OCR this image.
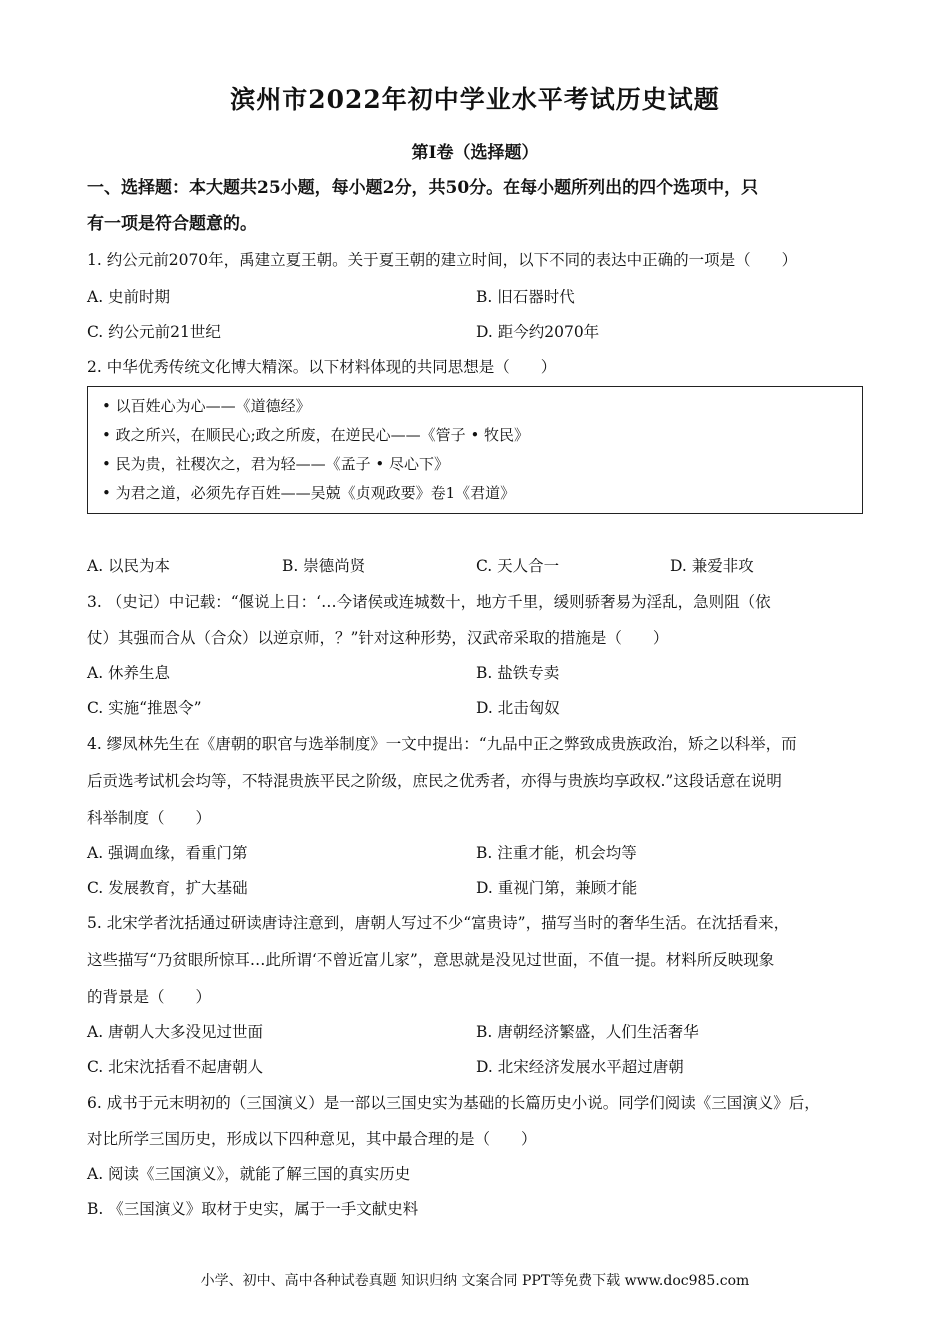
滨州市2022年初中学业水平考试历史试题
第Ⅰ卷（选择题）
一、选择题：本大题共25小题，每小题2分，共50分。在每小题所列出的四个选项中，只
有一项是符合题意的。
1. 约公元前2070年，禹建立夏王朝。关于夏王朝的建立时间，以下不同的表达中正确的一项是（　　）
A. 史前时期	B. 旧石器时代
C. 约公元前21世纪	D. 距今约2070年
2. 中华优秀传统文化博大精深。以下材料体现的共同思想是（　　）
• 以百姓心为心——《道德经》
• 政之所兴，在顺民心;政之所废，在逆民心——《管子 • 牧民》
• 民为贵，社稷次之，君为轻——《孟子 • 尽心下》
• 为君之道，必须先存百姓——吴兢《贞观政要》卷1《君道》
A. 以民为本	B. 崇德尚贤	C. 天人合一	D. 兼爱非攻
3. （史记）中记载：“偃说上日：‘…今诸侯或连城数十，地方千里，缓则骄奢易为淫乱，急则阻（依
仗）其强而合从（合众）以逆京师，？”针对这种形势，汉武帝采取的措施是（　　）
A. 休养生息	B. 盐铁专卖
C. 实施“推恩令”	D. 北击匈奴
4. 缪凤林先生在《唐朝的职官与选举制度》一文中提出：“九品中正之弊致成贵族政治，矫之以科举，而
后贡选考试机会均等，不特混贵族平民之阶级，庶民之优秀者，亦得与贵族均享政权.”这段话意在说明
科举制度（　　）
A. 强调血缘，看重门第	B. 注重才能，机会均等
C. 发展教育，扩大基础	D. 重视门第，兼顾才能
5. 北宋学者沈括通过研读唐诗注意到，唐朝人写过不少“富贵诗”，描写当时的奢华生活。在沈括看来，
这些描写“乃贫眼所惊耳…此所谓‘不曾近富儿家”，意思就是没见过世面，不值一提。材料所反映现象
的背景是（　　）
A. 唐朝人大多没见过世面	B. 唐朝经济繁盛，人们生活奢华
C. 北宋沈括看不起唐朝人	D. 北宋经济发展水平超过唐朝
6. 成书于元末明初的（三国演义）是一部以三国史实为基础的长篇历史小说。同学们阅读《三国演义》后，
对比所学三国历史，形成以下四种意见，其中最合理的是（　　）
A. 阅读《三国演义》，就能了解三国的真实历史
B. 《三国演义》取材于史实，属于一手文献史料
小学、初中、高中各种试卷真题 知识归纳 文案合同 PPT等免费下载 www.doc985.com
